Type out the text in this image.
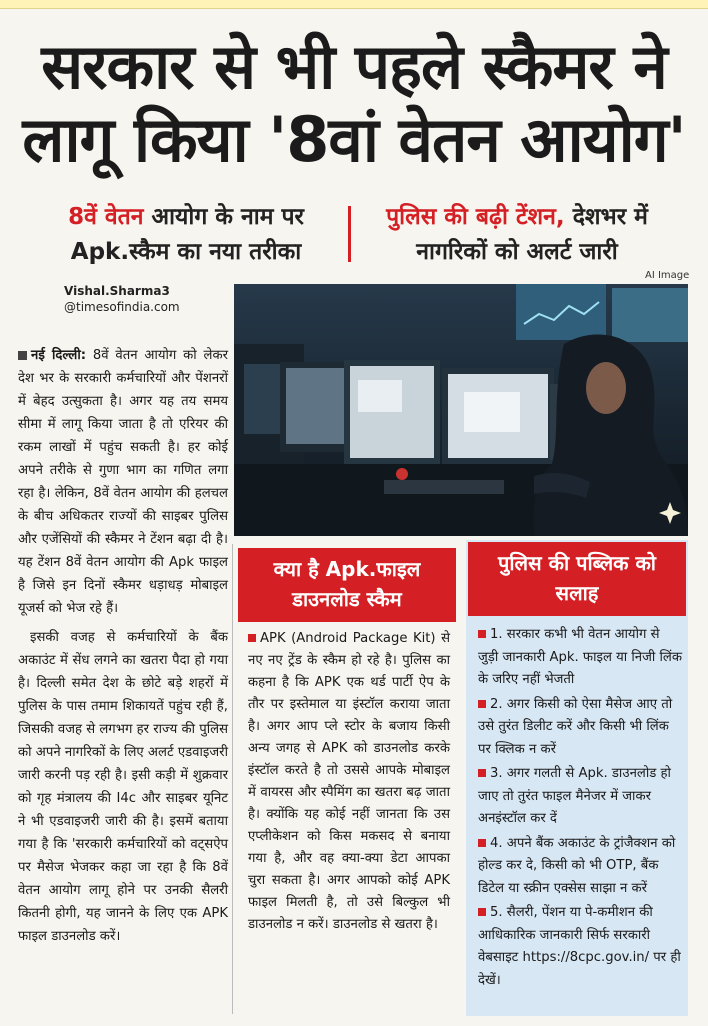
सरकार से भी पहले स्कैमर ने
लागू किया '8वां वेतन आयोग'
8वें वेतन आयोग के नाम पर
Apk.स्कैम का नया तरीका
पुलिस की बढ़ी टेंशन, देशभर में
नागरिकों को अलर्ट जारी
AI Image
Vishal.Sharma3
@timesofindia.com

नई दिल्ली: 8वें वेतन आयोग को लेकर देश भर के सरकारी कर्मचारियों और पेंशनरों में बेहद उत्सुकता है। अगर यह तय समय सीमा में लागू किया जाता है तो एरियर की रकम लाखों में पहुंच सकती है। हर कोई अपने तरीके से गुणा भाग का गणित लगा रहा है। लेकिन, 8वें वेतन आयोग की हलचल के बीच अधिकतर राज्यों की साइबर पुलिस और एजेंसियों की स्कैमर ने टेंशन बढ़ा दी है। यह टेंशन 8वें वेतन आयोग की Apk फाइल है जिसे इन दिनों स्कैमर धड़ाधड़ मोबाइल यूजर्स को भेज रहे हैं।

इसकी वजह से कर्मचारियों के बैंक अकाउंट में सेंध लगने का खतरा पैदा हो गया है। दिल्ली समेत देश के छोटे बड़े शहरों में पुलिस के पास तमाम शिकायतें पहुंच रही हैं, जिसकी वजह से लगभग हर राज्य की पुलिस को अपने नागरिकों के लिए अलर्ट एडवाइजरी जारी करनी पड़ रही है। इसी कड़ी में शुक्रवार को गृह मंत्रालय की I4c और साइबर यूनिट ने भी एडवाइजरी जारी की है। इसमें बताया गया है कि 'सरकारी कर्मचारियों को वट्सऐप पर मैसेज भेजकर कहा जा रहा है कि 8वें वेतन आयोग लागू होने पर उनकी सैलरी कितनी होगी, यह जानने के लिए एक APK फाइल डाउनलोड करें।

क्या है Apk.फाइल डाउनलोड स्कैम
APK (Android Package Kit) से नए नए ट्रेंड के स्कैम हो रहे है। पुलिस का कहना है कि APK एक थर्ड पार्टी ऐप के तौर पर इस्तेमाल या इंस्टॉल कराया जाता है। अगर आप प्ले स्टोर के बजाय किसी अन्य जगह से APK को डाउनलोड करके इंस्टॉल करते है तो उससे आपके मोबाइल में वायरस और स्पैमिंग का खतरा बढ़ जाता है। क्योंकि यह कोई नहीं जानता कि उस एप्लीकेशन को किस मकसद से बनाया गया है, और वह क्या-क्या डेटा आपका चुरा सकता है। अगर आपको कोई APK फाइल मिलती है, तो उसे बिल्कुल भी डाउनलोड न करें। डाउनलोड से खतरा है।
पुलिस की पब्लिक को सलाह
1. सरकार कभी भी वेतन आयोग से जुड़ी जानकारी Apk. फाइल या निजी लिंक के जरिए नहीं भेजती
2. अगर किसी को ऐसा मैसेज आए तो उसे तुरंत डिलीट करें और किसी भी लिंक पर क्लिक न करें
3. अगर गलती से Apk. डाउनलोड हो जाए तो तुरंत फाइल मैनेजर में जाकर अनइंस्टॉल कर दें
4. अपने बैंक अकाउंट के ट्रांजैक्शन को होल्ड कर दे, किसी को भी OTP, बैंक डिटेल या स्क्रीन एक्सेस साझा न करें
5. सैलरी, पेंशन या पे-कमीशन की आधिकारिक जानकारी सिर्फ सरकारी वेबसाइट https://8cpc.gov.in/ पर ही देखें।
